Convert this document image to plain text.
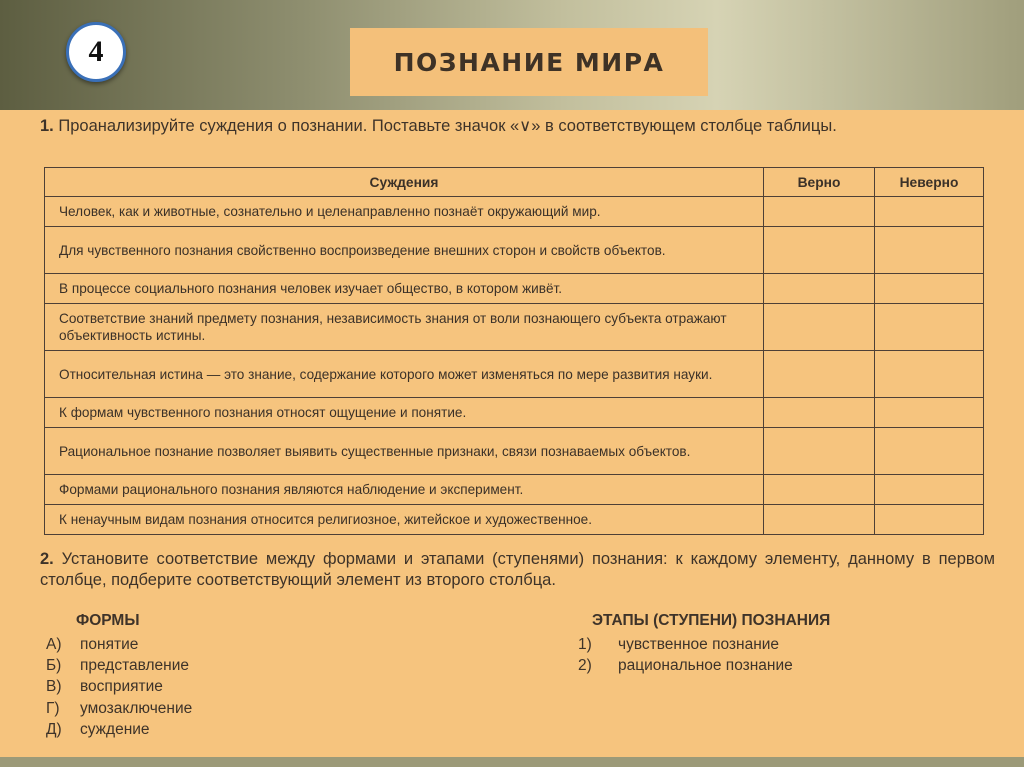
4	ПОЗНАНИЕ МИРА
1. Проанализируйте суждения о познании. Поставьте значок «∨» в соответствующем столбце таблицы.
Суждения	Верно	Неверно
Человек, как и животные, сознательно и целенаправленно познаёт окружающий мир.		
Для чувственного познания свойственно воспроизведение внешних сторон и свойств объектов.		
В процессе социального познания человек изучает общество, в котором живёт.		
Соответствие знаний предмету познания, независимость знания от воли познающего субъекта отражают объективность истины.		
Относительная истина — это знание, содержание которого может изменяться по мере развития науки.		
К формам чувственного познания относят ощущение и понятие.		
Рациональное познание позволяет выявить существенные признаки, связи познаваемых объектов.		
Формами рационального познания являются наблюдение и эксперимент.		
К ненаучным видам познания относится религиозное, житейское и художественное.		
2. Установите соответствие между формами и этапами (ступенями) познания: к каждому элементу, данному в первом столбце, подберите соответствующий элемент из второго столбца.
ФОРМЫ
А) понятие
Б) представление
В) восприятие
Г) умозаключение
Д) суждение
ЭТАПЫ (СТУПЕНИ) ПОЗНАНИЯ
1) чувственное познание
2) рациональное познание
